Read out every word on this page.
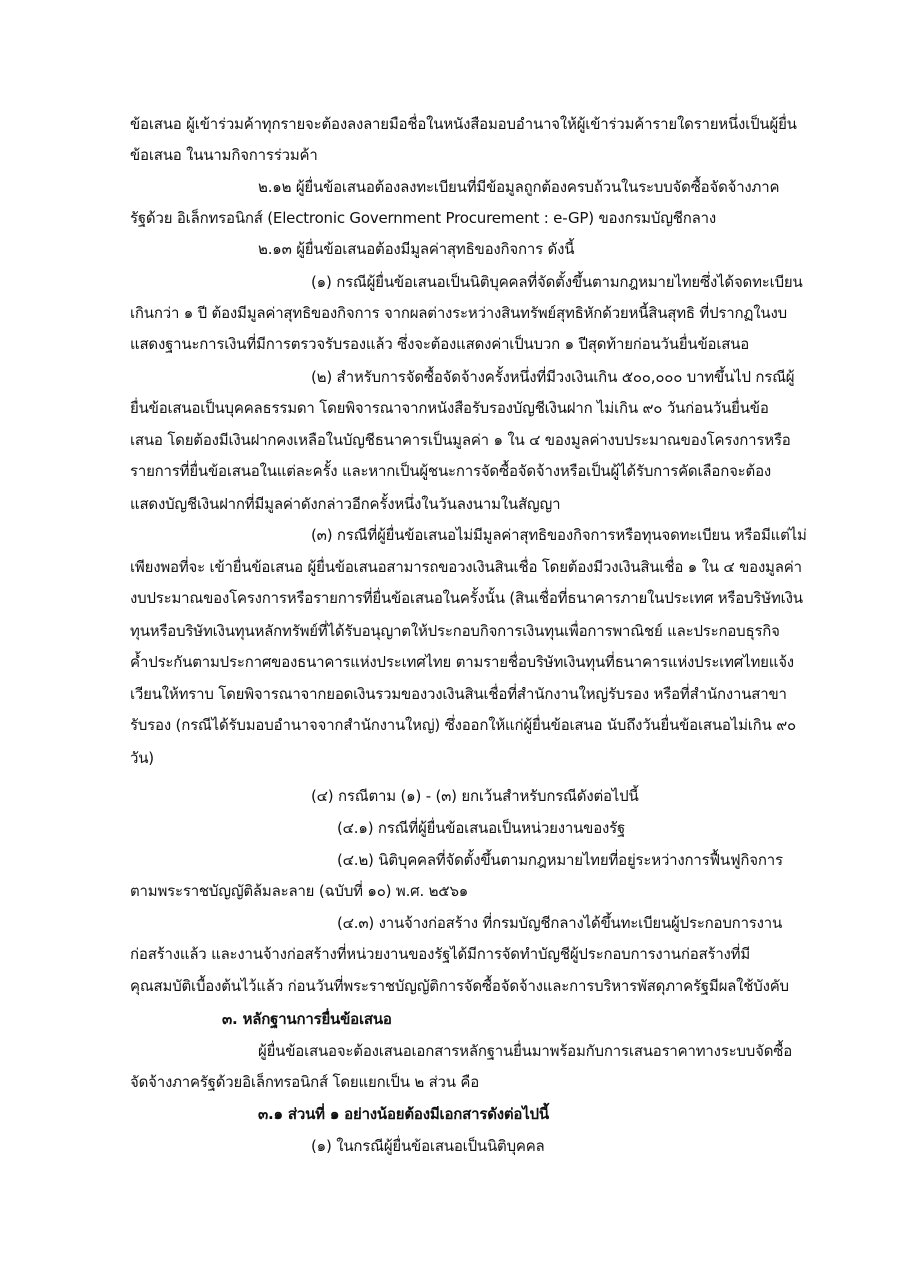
ข้อเสนอ ผู้เข้าร่วมค้าทุกรายจะต้องลงลายมือชื่อในหนังสือมอบอำนาจให้ผู้เข้าร่วมค้ารายใดรายหนึ่งเป็นผู้ยื่น
ข้อเสนอ ในนามกิจการร่วมค้า
๒.๑๒ ผู้ยื่นข้อเสนอต้องลงทะเบียนที่มีข้อมูลถูกต้องครบถ้วนในระบบจัดซื้อจัดจ้างภาค
รัฐด้วย อิเล็กทรอนิกส์ (Electronic Government Procurement : e-GP) ของกรมบัญชีกลาง
๒.๑๓ ผู้ยื่นข้อเสนอต้องมีมูลค่าสุทธิของกิจการ ดังนี้
(๑) กรณีผู้ยื่นข้อเสนอเป็นนิติบุคคลที่จัดตั้งขึ้นตามกฎหมายไทยซึ่งได้จดทะเบียน
เกินกว่า ๑ ปี ต้องมีมูลค่าสุทธิของกิจการ จากผลต่างระหว่างสินทรัพย์สุทธิหักด้วยหนี้สินสุทธิ ที่ปรากฏในงบ
แสดงฐานะการเงินที่มีการตรวจรับรองแล้ว ซึ่งจะต้องแสดงค่าเป็นบวก ๑ ปีสุดท้ายก่อนวันยื่นข้อเสนอ
(๒) สำหรับการจัดซื้อจัดจ้างครั้งหนึ่งที่มีวงเงินเกิน ๕๐๐,๐๐๐ บาทขึ้นไป กรณีผู้
ยื่นข้อเสนอเป็นบุคคลธรรมดา โดยพิจารณาจากหนังสือรับรองบัญชีเงินฝาก ไม่เกิน ๙๐ วันก่อนวันยื่นข้อ
เสนอ โดยต้องมีเงินฝากคงเหลือในบัญชีธนาคารเป็นมูลค่า ๑ ใน ๔ ของมูลค่างบประมาณของโครงการหรือ
รายการที่ยื่นข้อเสนอในแต่ละครั้ง และหากเป็นผู้ชนะการจัดซื้อจัดจ้างหรือเป็นผู้ได้รับการคัดเลือกจะต้อง
แสดงบัญชีเงินฝากที่มีมูลค่าดังกล่าวอีกครั้งหนึ่งในวันลงนามในสัญญา
(๓) กรณีที่ผู้ยื่นข้อเสนอไม่มีมูลค่าสุทธิของกิจการหรือทุนจดทะเบียน หรือมีแต่ไม่
เพียงพอที่จะ เข้ายื่นข้อเสนอ ผู้ยื่นข้อเสนอสามารถขอวงเงินสินเชื่อ โดยต้องมีวงเงินสินเชื่อ ๑ ใน ๔ ของมูลค่า
งบประมาณของโครงการหรือรายการที่ยื่นข้อเสนอในครั้งนั้น (สินเชื่อที่ธนาคารภายในประเทศ หรือบริษัทเงิน
ทุนหรือบริษัทเงินทุนหลักทรัพย์ที่ได้รับอนุญาตให้ประกอบกิจการเงินทุนเพื่อการพาณิชย์ และประกอบธุรกิจ
ค้ำประกันตามประกาศของธนาคารแห่งประเทศไทย ตามรายชื่อบริษัทเงินทุนที่ธนาคารแห่งประเทศไทยแจ้ง
เวียนให้ทราบ โดยพิจารณาจากยอดเงินรวมของวงเงินสินเชื่อที่สำนักงานใหญ่รับรอง หรือที่สำนักงานสาขา
รับรอง (กรณีได้รับมอบอำนาจจากสำนักงานใหญ่) ซึ่งออกให้แก่ผู้ยื่นข้อเสนอ นับถึงวันยื่นข้อเสนอไม่เกิน ๙๐
วัน)
(๔) กรณีตาม (๑) - (๓) ยกเว้นสำหรับกรณีดังต่อไปนี้
(๔.๑) กรณีที่ผู้ยื่นข้อเสนอเป็นหน่วยงานของรัฐ
(๔.๒) นิติบุคคลที่จัดตั้งขึ้นตามกฎหมายไทยที่อยู่ระหว่างการฟื้นฟูกิจการ
ตามพระราชบัญญัติล้มละลาย (ฉบับที่ ๑๐) พ.ศ. ๒๕๖๑
(๔.๓) งานจ้างก่อสร้าง ที่กรมบัญชีกลางได้ขึ้นทะเบียนผู้ประกอบการงาน
ก่อสร้างแล้ว และงานจ้างก่อสร้างที่หน่วยงานของรัฐได้มีการจัดทำบัญชีผู้ประกอบการงานก่อสร้างที่มี
คุณสมบัติเบื้องต้นไว้แล้ว ก่อนวันที่พระราชบัญญัติการจัดซื้อจัดจ้างและการบริหารพัสดุภาครัฐมีผลใช้บังคับ
๓. หลักฐานการยื่นข้อเสนอ
ผู้ยื่นข้อเสนอจะต้องเสนอเอกสารหลักฐานยื่นมาพร้อมกับการเสนอราคาทางระบบจัดซื้อ
จัดจ้างภาครัฐด้วยอิเล็กทรอนิกส์ โดยแยกเป็น ๒ ส่วน คือ
๓.๑ ส่วนที่ ๑ อย่างน้อยต้องมีเอกสารดังต่อไปนี้
(๑) ในกรณีผู้ยื่นข้อเสนอเป็นนิติบุคคล
